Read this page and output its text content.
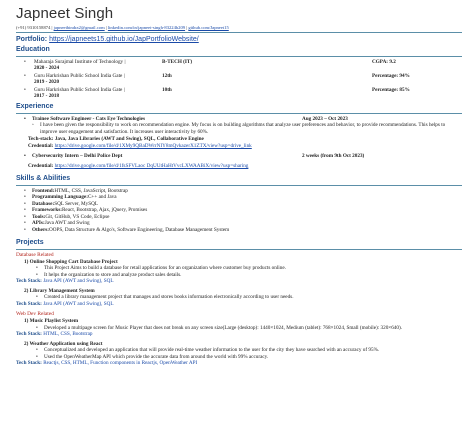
Japneet Singh
(+91) 9310158874 | japneetbindra2@gmail.com | linkedin.com/in/japneet-singh-83224b209 | github.com/Japneet15
Portfolio: https://japneets15.github.io/JapPortfolioWebsite/
Education
•	Maharaja Surajmal Institute of Technology |	B-TECH (IT)	CGPA: 9.2
2020 - 2024
•	Guru Harkrishan Public School India Gate |	12th	Percentage: 94%
2019 - 2020
•	Guru Harkrishan Public School India Gate |	10th	Percentage: 85%
2017 - 2018
Experience
•	Trainee Software Engineer - Cats Eye Technologies	Aug 2023 – Oct 2023
◦	I have been given the responsibility to work on recommendation engine. My focus is on building algorithms that analyze user preferences and behavior, to provide recommendations. This helps to improve user engagement and satisfaction. It increases user interactivity by 60%.
Tech-stack: Java, Java Libraries (AWT and Swing), SQL, Collaborative Engine
Credential: https://drive.google.com/file/d/1XMy9QBaDWrrNIY8mQvkazerX1ZTX/view?usp=drive_link
•	Cybersecurity Intern – Delhi Police Dept	2 weeks (from 9th Oct 2023)
Credential: https://drive.google.com/file/d/1fsSFVLaoc DqUUtHaHtVvcLXWAABiX/view?usp=sharing
Skills & Abilities
•	Frontend: HTML, CSS, JavaScript, Bootstrap
•	Programming Language: C++ and Java
•	Database: SQL Server, MySQL
•	Frameworks: React, Bootstrap, Ajax, jQuery, Promises
•	Tools: Git, GitHub, VS Code, Eclipse
•	APIs: Java AWT and Swing
•	Others: OOPS, Data Structure & Algo's, Software Engineering, Database Management System
Projects
Database Related
1) Online Shopping Cart Database Project
•	This Project Aims to build a database for retail applications for an organization where customer buy products online.
•	It helps the organization to store and analyze product sales details.
Tech Stack: Java API (AWT and Swing), SQL
2) Library Management System
•	Created a library management project that manages and stores books information electronically according to user needs.
Tech Stack: Java API (AWT and Swing), SQL
Web Dev Related
1) Music Playlist System
•	Developed a multipage screen for Music Player that does not break on any screen size(Large (desktop): 1440×1024, Medium (tablet): 768×1024, Small (mobile): 320×640).
Tech Stack: HTML, CSS, Bootstrap
2) Weather Application using React
•	Conceptualized and developed an application that will provide real-time weather information to the user for the city they have searched with an accuracy of 95%.
•	Used the OpenWeatherMap API which provide the accurate data from around the world with 99% accuracy.
Tech Stack: Reactjs, CSS, HTML, Function components in Reactjs, OpenWeather API
